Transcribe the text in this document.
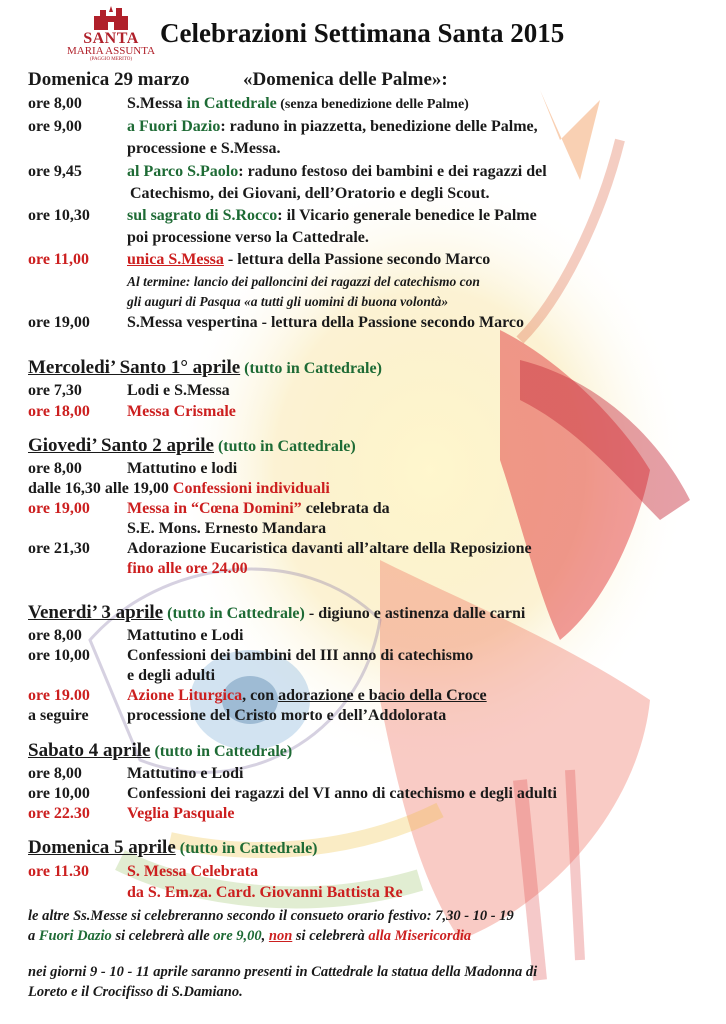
SANTA
MARIA ASSUNTA
(PAGGIO MERITO)
Celebrazioni Settimana Santa 2015
Domenica 29 marzo	«Domenica delle Palme»:
ore 8,00	S.Messa in Cattedrale (senza benedizione delle Palme)
ore 9,00	a Fuori Dazio: raduno in piazzetta, benedizione delle Palme,
processione e S.Messa.
ore 9,45	al Parco S.Paolo: raduno festoso dei bambini e dei ragazzi del
Catechismo, dei Giovani, dell’Oratorio e degli Scout.
ore 10,30 sul sagrato di S.Rocco: il Vicario generale benedice le Palme
poi processione verso la Cattedrale.
ore 11,00 unica S.Messa - lettura della Passione secondo Marco
Al termine: lancio dei palloncini dei ragazzi del catechismo con
gli auguri di Pasqua «a tutti gli uomini di buona volontà»
ore 19,00 S.Messa vespertina - lettura della Passione secondo Marco
Mercoledi’ Santo 1° aprile (tutto in Cattedrale)
ore 7,30	Lodi e S.Messa
ore 18,00 Messa Crismale
Giovedi’ Santo 2 aprile (tutto in Cattedrale)
ore 8,00	Mattutino e lodi
dalle 16,30 alle 19,00 Confessioni individuali
ore 19,00 Messa in “Cœna Domini” celebrata da
S.E. Mons. Ernesto Mandara
ore 21,30 Adorazione Eucaristica davanti all’altare della Reposizione
fino alle ore 24.00
Venerdi’ 3 aprile (tutto in Cattedrale) - digiuno e astinenza dalle carni
ore 8,00	Mattutino e Lodi
ore 10,00 Confessioni dei bambini del III anno di catechismo
e degli adulti
ore 19.00 Azione Liturgica, con adorazione e bacio della Croce
a seguire processione del Cristo morto e dell’Addolorata
Sabato 4 aprile (tutto in Cattedrale)
ore 8,00	Mattutino e Lodi
ore 10,00 Confessioni dei ragazzi del VI anno di catechismo e degli adulti
ore 22.30 Veglia Pasquale
Domenica 5 aprile (tutto in Cattedrale)
ore 11.30 S. Messa Celebrata
da S. Em.za. Card. Giovanni Battista Re
le altre Ss.Messe si celebreranno secondo il consueto orario festivo: 7,30 - 10 - 19
a Fuori Dazio si celebrerà alle ore 9,00, non si celebrerà alla Misericordia
nei giorni 9 - 10 - 11 aprile saranno presenti in Cattedrale la statua della Madonna di
Loreto e il Crocifisso di S.Damiano.
